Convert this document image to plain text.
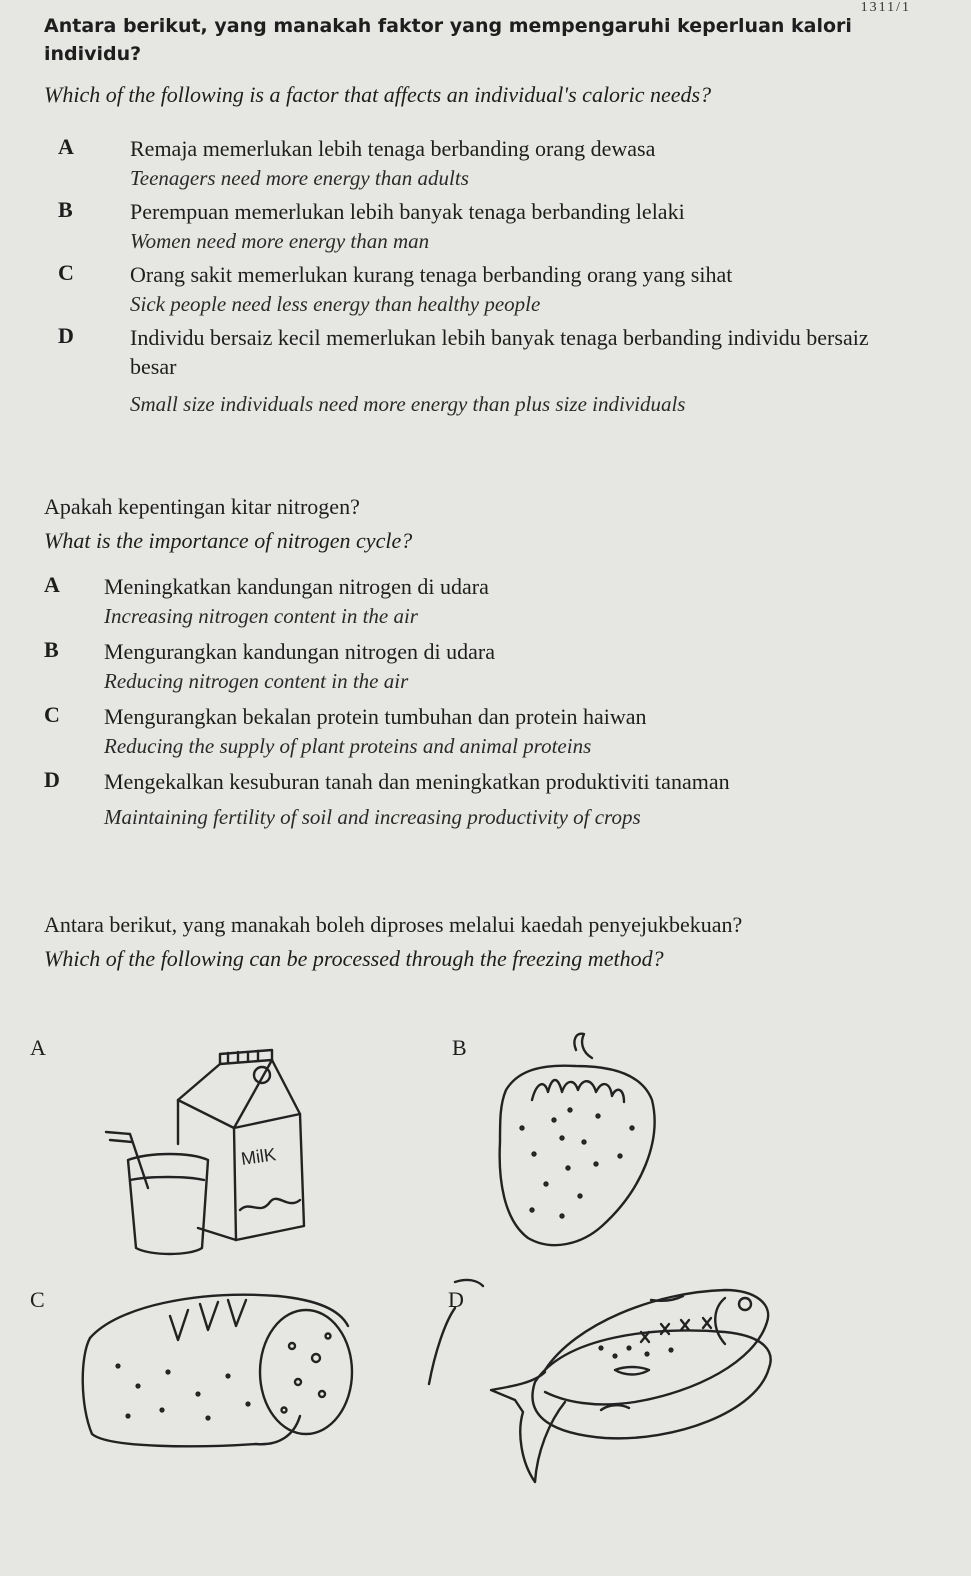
1311/1
Antara berikut, yang manakah faktor yang mempengaruhi keperluan kalori individu?
Which of the following is a factor that affects an individual's caloric needs?
A	Remaja memerlukan lebih tenaga berbanding orang dewasa
Teenagers need more energy than adults
B	Perempuan memerlukan lebih banyak tenaga berbanding lelaki
Women need more energy than man
C	Orang sakit memerlukan kurang tenaga berbanding orang yang sihat
Sick people need less energy than healthy people
D	Individu bersaiz kecil memerlukan lebih banyak tenaga berbanding individu bersaiz besar
Small size individuals need more energy than plus size individuals
Apakah kepentingan kitar nitrogen?
What is the importance of nitrogen cycle?
A	Meningkatkan kandungan nitrogen di udara
Increasing nitrogen content in the air
B	Mengurangkan kandungan nitrogen di udara
Reducing nitrogen content in the air
C	Mengurangkan bekalan protein tumbuhan dan protein haiwan
Reducing the supply of plant proteins and animal proteins
D	Mengekalkan kesuburan tanah dan meningkatkan produktiviti tanaman
Maintaining fertility of soil and increasing productivity of crops
Antara berikut, yang manakah boleh diproses melalui kaedah penyejukbekuan?
Which of the following can be processed through the freezing method?
A
MilK
B
C	D
